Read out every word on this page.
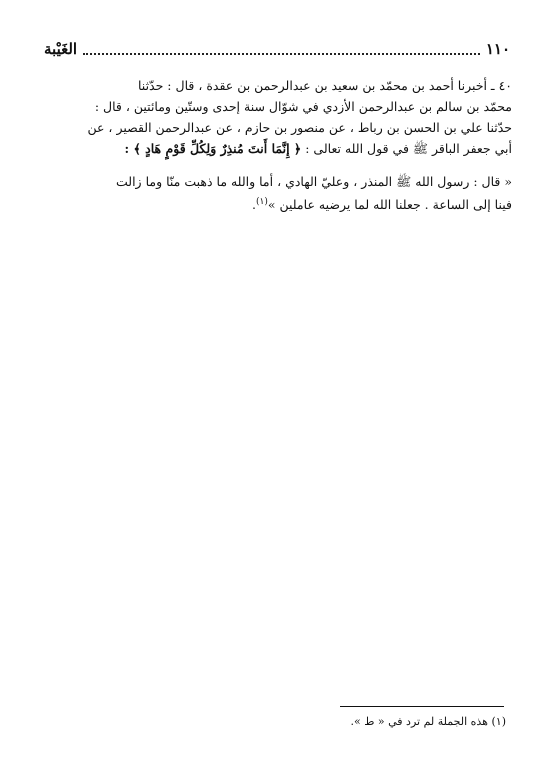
١١٠
الغَيْبة
٤٠ ـ أخبرنا أحمد بن محمّد بن سعيد بن عبدالرحمن بن عقدة ، قال : حدّثنا
محمّد بن سالم بن عبدالرحمن الأزدي في شوّال سنة إحدى وستّين ومائتين ، قال :
حدّثنا علي بن الحسن بن رباط ، عن منصور بن حازم ، عن عبدالرحمن القصير ، عن
أبي جعفر الباقر ﷺ في قول الله تعالى : ﴿ إِنَّمَا أَنتَ مُنذِرٌ وَلِكُلِّ قَوْمٍ هَادٍ ﴾ :
« قال : رسول الله ﷺ المنذر ، وعليّ الهادي ، أما والله ما ذهبت منّا وما زالت
فينا إلى الساعة . جعلنا الله لما يرضيه عاملين »$^{(١)}$.
(١) هذه الجملة لم ترد في « ط ».
